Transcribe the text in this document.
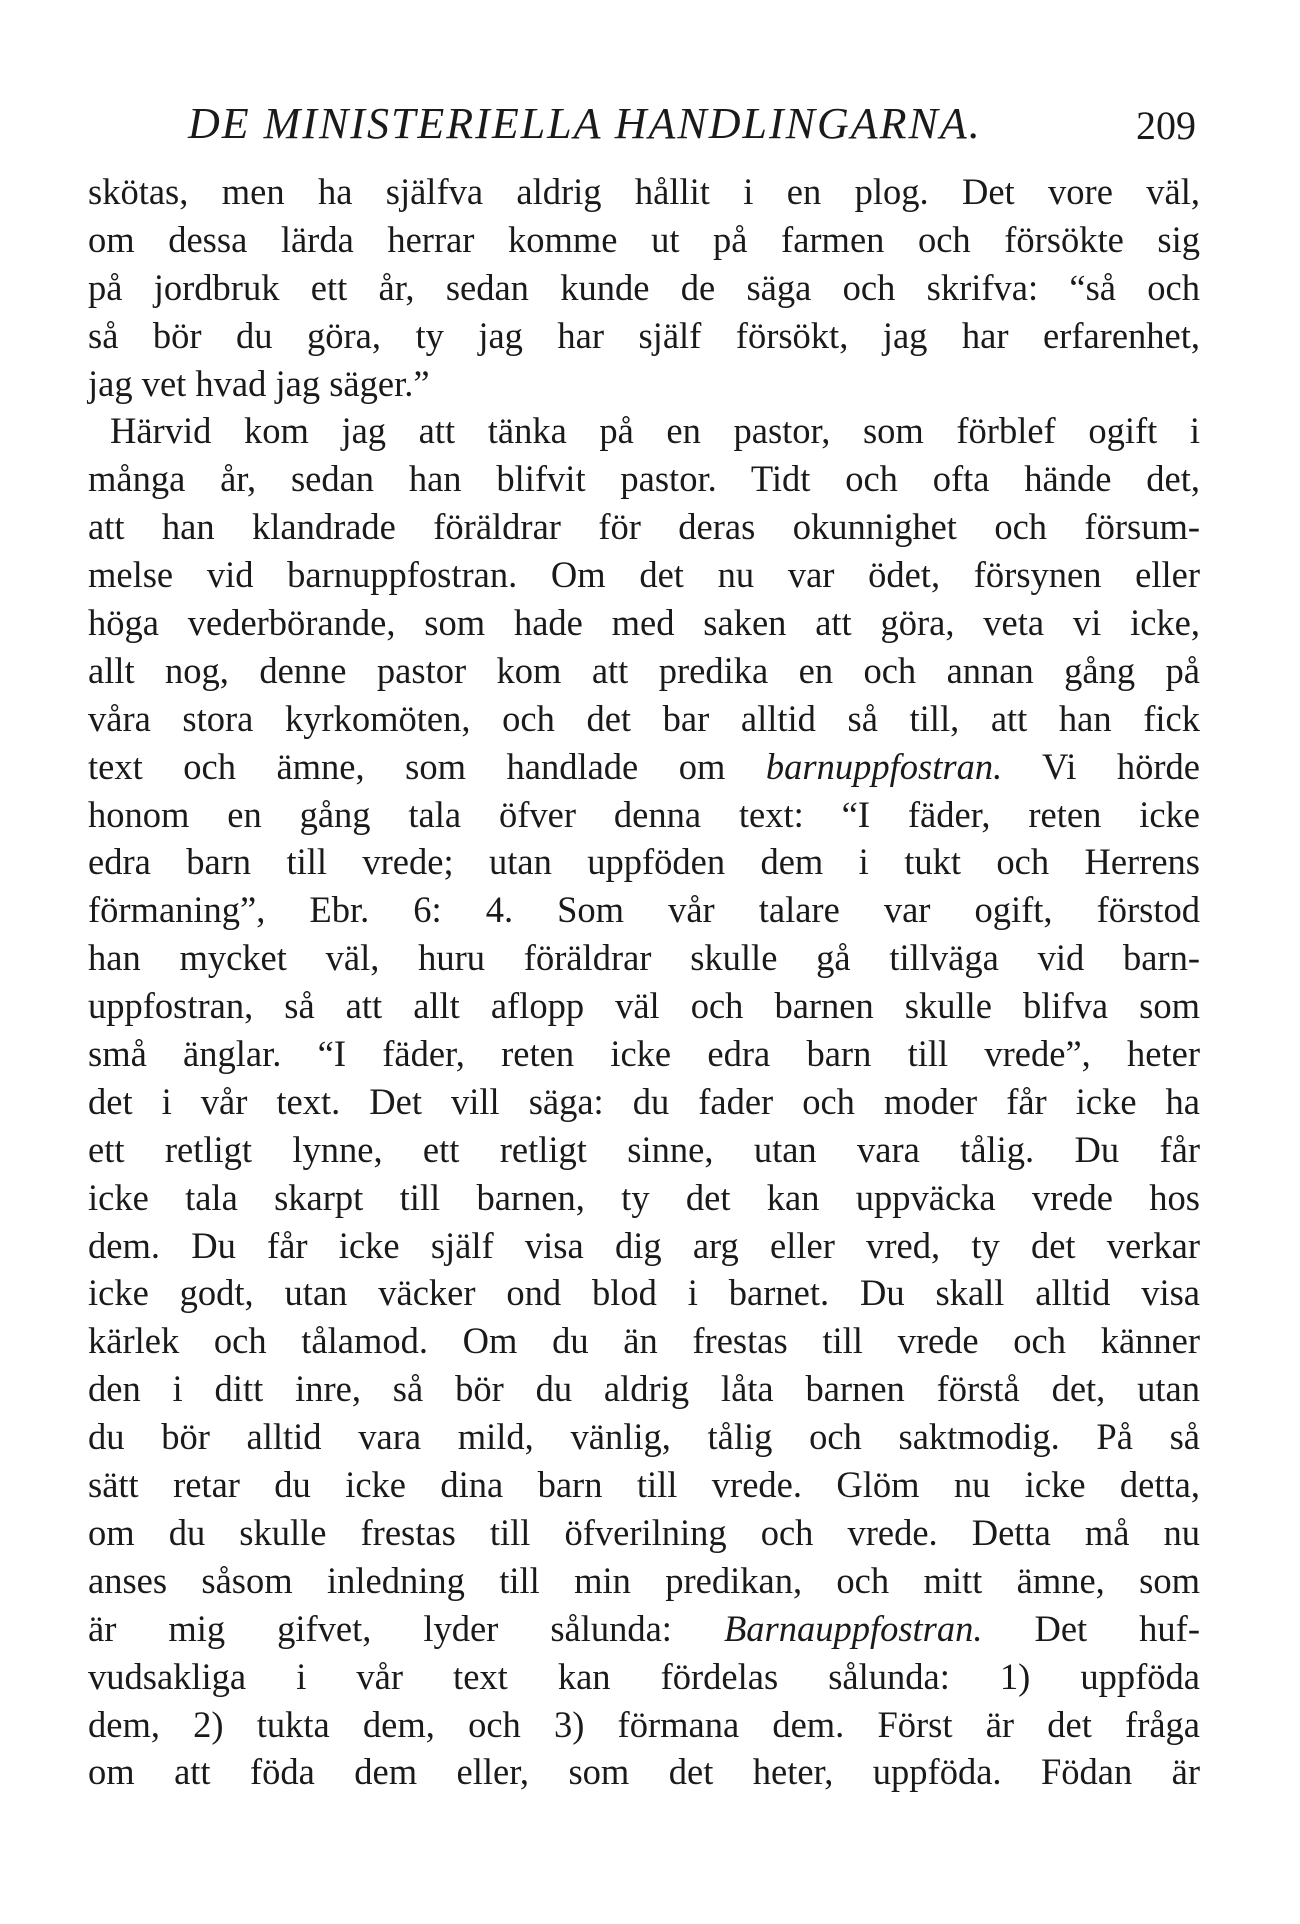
DE MINISTERIELLA HANDLINGARNA.	209
skötas, men ha själfva aldrig hållit i en plog. Det vore väl,
om dessa lärda herrar komme ut på farmen och försökte sig
på jordbruk ett år, sedan kunde de säga och skrifva: “så och
så bör du göra, ty jag har själf försökt, jag har erfarenhet,
jag vet hvad jag säger.”
Härvid kom jag att tänka på en pastor, som förblef ogift i
många år, sedan han blifvit pastor. Tidt och ofta hände det,
att han klandrade föräldrar för deras okunnighet och försum-
melse vid barnuppfostran. Om det nu var ödet, försynen eller
höga vederbörande, som hade med saken att göra, veta vi icke,
allt nog, denne pastor kom att predika en och annan gång på
våra stora kyrkomöten, och det bar alltid så till, att han fick
text och ämne, som handlade om barnuppfostran. Vi hörde
honom en gång tala öfver denna text: “I fäder, reten icke
edra barn till vrede; utan uppföden dem i tukt och Herrens
förmaning”, Ebr. 6: 4. Som vår talare var ogift, förstod
han mycket väl, huru föräldrar skulle gå tillväga vid barn-
uppfostran, så att allt aflopp väl och barnen skulle blifva som
små änglar. “I fäder, reten icke edra barn till vrede”, heter
det i vår text. Det vill säga: du fader och moder får icke ha
ett retligt lynne, ett retligt sinne, utan vara tålig. Du får
icke tala skarpt till barnen, ty det kan uppväcka vrede hos
dem. Du får icke själf visa dig arg eller vred, ty det verkar
icke godt, utan väcker ond blod i barnet. Du skall alltid visa
kärlek och tålamod. Om du än frestas till vrede och känner
den i ditt inre, så bör du aldrig låta barnen förstå det, utan
du bör alltid vara mild, vänlig, tålig och saktmodig. På så
sätt retar du icke dina barn till vrede. Glöm nu icke detta,
om du skulle frestas till öfverilning och vrede. Detta må nu
anses såsom inledning till min predikan, och mitt ämne, som
är mig gifvet, lyder sålunda: Barnauppfostran. Det huf-
vudsakliga i vår text kan fördelas sålunda: 1) uppföda
dem, 2) tukta dem, och 3) förmana dem. Först är det fråga
om att föda dem eller, som det heter, uppföda. Födan är
